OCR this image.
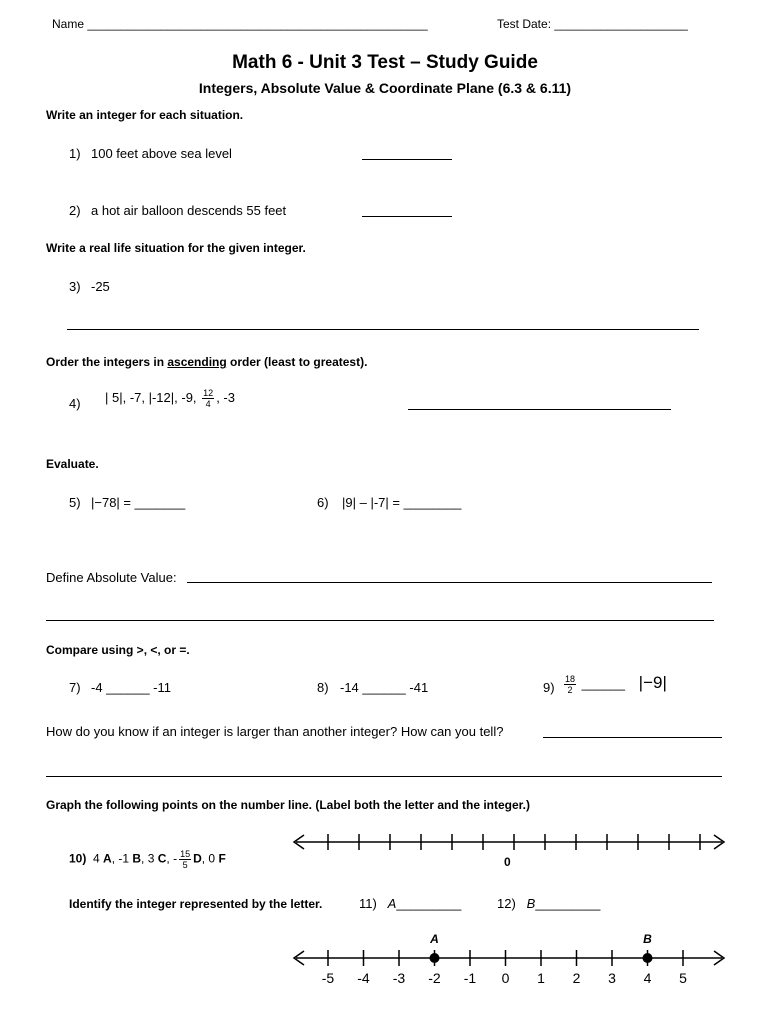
Name ___________________________________________________	Test Date: ____________________
Math 6 - Unit 3 Test – Study Guide
Integers, Absolute Value & Coordinate Plane (6.3 & 6.11)
Write an integer for each situation.
1) 100 feet above sea level
2) a hot air balloon descends 55 feet
Write a real life situation for the given integer.
3) -25
Order the integers in ascending order (least to greatest).
4) | 5|, -7, |-12|, -9, $\frac{12}{4}$ , -3
Evaluate.
5) |−78| = _______	6) |9| – |-7| = ________
Define Absolute Value:
Compare using >, <, or =.
7) -4 ______ -11	8) -14 ______ -41	$9) \frac{18}{2}$ ______ |−9|
How do you know if an integer is larger than another integer? How can you tell?
Graph the following points on the number line. (Label both the letter and the integer.)
10) 4 A, -1 B, 3 C, - $\frac{15}{5} D$, 0 F	0
Identify the integer represented by the letter.	11) A_________	12) B_________
-5 -4 -3 -2 -1 0 1 2 3 4 5
A	B
